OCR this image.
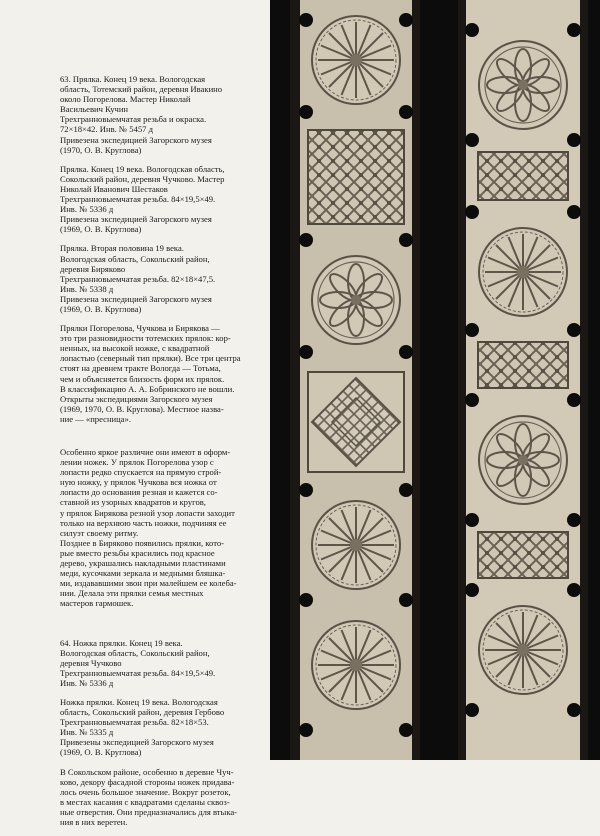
63. Прялка. Конец 19 века. Вологодская

область, Тотемский район, деревня Ивакино

около Погорелова. Мастер Николай

Васильевич Кучин

Трехгранновыемчатая резьба и окраска.

72×18×42. Инв. № 5457 д

Привезена экспедицией Загорского музея

(1970, О. В. Круглова)

Прялка. Конец 19 века. Вологодская область,

Сокольский район, деревня Чучково. Мастер

Николай Иванович Шестаков

Трехгранновыемчатая резьба. 84×19,5×49.

Инв. № 5336 д

Привезена экспедицией Загорского музея

(1969, О. В. Круглова)

Прялка. Вторая половина 19 века.

Вологодская область, Сокольский район,

деревня Биряково

Трехгранновыемчатая резьба. 82×18×47,5.

Инв. № 5338 д

Привезена экспедицией Загорского музея

(1969, О. В. Круглова)

Прялки Погорелова, Чучкова и Бирякова —

это три разновидности тотемских прялок: кор-

ненных, на высокой ножке, с квадратной

лопастью (северный тип прялки). Все три центра

стоят на древнем тракте Вологда — Тотьма,

чем и объясняется близость форм их прялок.

В классификацию А. А. Бобринского не вошли.

Открыты экспедициями Загорского музея

(1969, 1970, О. В. Круглова). Местное назва-

ние — «пресница».

Особенно яркое различие они имеют в оформ-

лении ножек. У прялок Погорелова узор с

лопасти редко спускается на прямую строй-

ную ножку, у прялок Чучкова вся ножка от

лопасти до основания резная и кажется со-

ставной из узорных квадратов и кругов,

у прялок Бирякова резной узор лопасти заходит

только на верхнюю часть ножки, подчиняя ее

силуэт своему ритму.

Позднее в Биряково появились прялки, кото-

рые вместо резьбы красились под красное

дерево, украшались накладными пластинами

меди, кусочками зеркала и медными бляшка-

ми, издававшими звон при малейшем ее колеба-

нии. Делала эти прялки семья местных

мастеров гармошек.

64. Ножка прялки. Конец 19 века.

Вологодская область, Сокольский район,

деревня Чучково

Трехгранновыемчатая резьба. 84×19,5×49.

Инв. № 5336 д

Ножка прялки. Конец 19 века. Вологодская

область, Сокольский район, деревня Гербово

Трехгранновыемчатая резьба. 82×18×53.

Инв. № 5335 д

Привезены экспедицией Загорского музея

(1969, О. В. Круглова)

В Сокольском районе, особенно в деревне Чуч-

ково, декору фасадной стороны ножек придава-

лось очень большое значение. Вокруг розеток,

в местах касания с квадратами сделаны сквоз-

ные отверстия. Они предназначались для втыка-

ния в них веретен.
